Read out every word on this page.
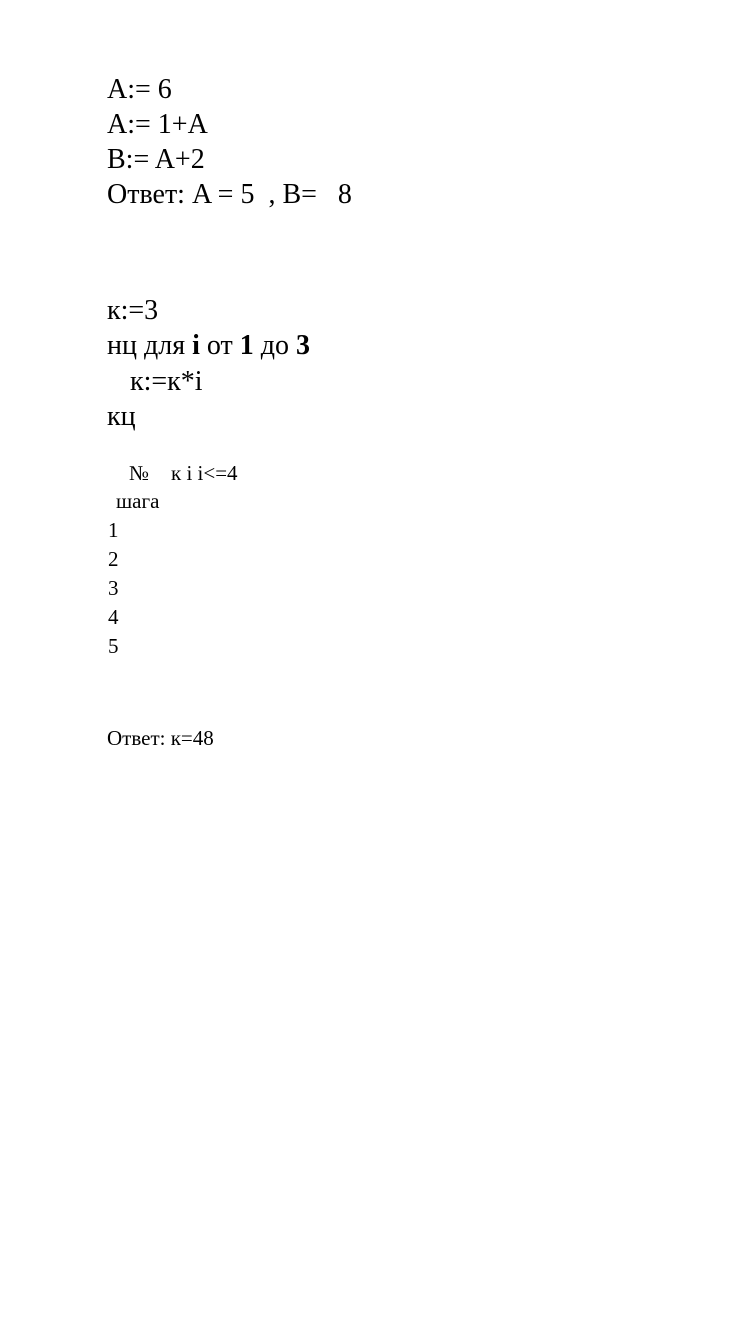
A:= 6
A:= 1+A
B:= A+2
Ответ: A = 5  , B=   8
к:=3
нц для i от 1 до 3
к:=к*i
кц
№ к i i<=4
шага
1
2
3
4
5
Ответ: к=48
